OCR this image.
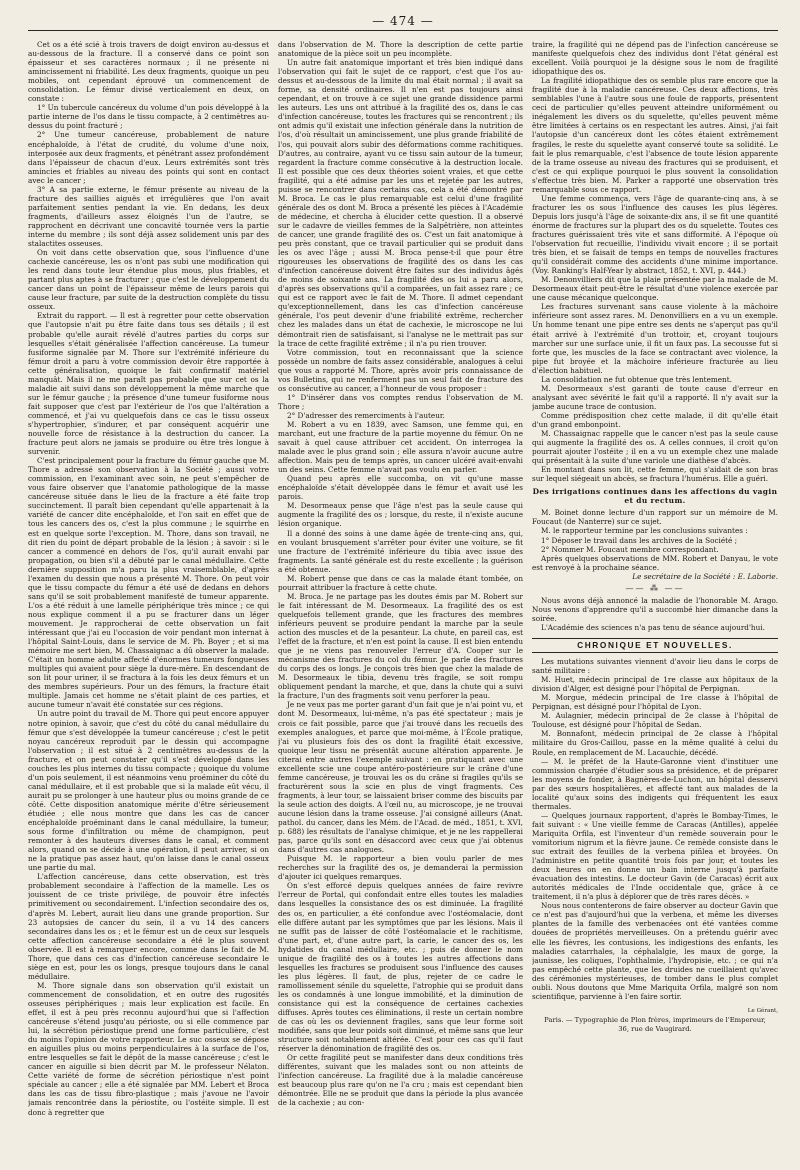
— 474 —

Cet os a été scié à trois travers de doigt environ au-dessus et au-dessous de la fracture. Il a conservé dans ce point son épaisseur et ses caractères normaux ; il ne présente ni amincissement ni friabilité. Les deux fragments, quoique un peu mobiles, ont cependant éprouvé un commencement de consolidation. Le fémur divisé verticalement en deux, on constate :

1° Un tubercule cancéreux du volume d'un pois développé à la partie interne de l'os dans le tissu compacte, à 2 centimètres au-dessus du point fracturé ;

2° Une tumeur cancéreuse, probablement de nature encéphaloïde, à l'état de crudité, du volume d'une noix, interposée aux deux fragments, et pénétrant assez profondément dans l'épaisseur de chacun d'eux. Leurs extrémités sont très amincies et friables au niveau des points qui sont en contact avec le cancer ;

3° A sa partie externe, le fémur présente au niveau de la fracture des saillies aiguës et irrégulières que l'on avait parfaitement senties pendant la vie. En dedans, les deux fragments, d'ailleurs assez éloignés l'un de l'autre, se rapprochent en décrivant une concavité tournée vers la partie interne du membre ; ils sont déjà assez solidement unis par des stalactites osseuses.

On voit dans cette observation que, sous l'influence d'une cachexie cancéreuse, les os n'ont pas subi une modification qui les rend dans toute leur étendue plus mous, plus friables, et partant plus aptes à se fracturer ; que c'est le développement du cancer dans un point de l'épaisseur même de leurs parois qui cause leur fracture, par suite de la destruction complète du tissu osseux.

Extrait du rapport. — Il est à regretter pour cette observation que l'autopsie n'ait pu être faite dans tous ses détails ; il est probable qu'elle aurait révélé d'autres parties du corps sur lesquelles s'était généralisée l'affection cancéreuse. La tumeur fusiforme signalée par M. Thore sur l'extrémité inférieure du fémur droit a paru à votre commission devoir être rapportée à cette généralisation, quoique le fait confirmatif matériel manquât. Mais il ne me paraît pas probable que sur cet os la maladie ait suivi dans son développement la même marche que sur le fémur gauche ; la présence d'une tumeur fusiforme nous fait supposer que c'est par l'extérieur de l'os que l'altération a commencé, et j'ai vu quelquefois dans ce cas le tissu osseux s'hypertrophier, s'indurer, et par conséquent acquérir une nouvelle force de résistance à la destruction du cancer. La fracture peut alors ne jamais se produire ou être très longue à survenir.

C'est principalement pour la fracture du fémur gauche que M. Thore a adressé son observation à la Société ; aussi votre commission, en l'examinant avec soin, ne peut s'empêcher de vous faire observer que l'anatomie pathologique de la masse cancéreuse située dans le lieu de la fracture a été faite trop succinctement. Il paraît bien cependant qu'elle appartenait à la variété de cancer dite encéphaloïde, et l'on sait en effet que de tous les cancers des os, c'est la plus commune ; le squirrhe en est en quelque sorte l'exception. M. Thore, dans son travail, ne dit rien du point de départ probable de la lésion ; à savoir : si le cancer a commencé en dehors de l'os, qu'il aurait envahi par propagation, ou bien s'il a débuté par le canal médullaire. Cette dernière supposition m'a paru la plus vraisemblable, d'après l'examen du dessin que nous a présenté M. Thore. On peut voir que le tissu compacte du fémur a été usé de dedans en dehors sans qu'il se soit probablement manifesté de tumeur apparente. L'os a été réduit à une lamelle périphérique très mince ; ce qui nous explique comment il a pu se fracturer dans un léger mouvement. Je rapprocherai de cette observation un fait intéressant que j'ai eu l'occasion de voir pendant mon internat à l'hôpital Saint-Louis, dans le service de M. Ph. Boyer ; et si ma mémoire me sert bien, M. Chassaignac a dû observer la malade. C'était un homme adulte affecté d'énormes tumeurs fongueuses multiples qui avaient pour siège la dure-mère. En descendant de son lit pour uriner, il se fractura à la fois les deux fémurs et un des membres supérieurs. Pour un des fémurs, la fracture était multiple. Jamais cet homme ne s'était plaint de ces parties, et aucune tumeur n'avait été constatée sur ces régions.

Un autre point du travail de M. Thore qui peut encore appuyer notre opinion, à savoir, que c'est du côté du canal médullaire du fémur que s'est développée la tumeur cancéreuse ; c'est le petit noyau cancéreux reproduit par le dessin qui accompagne l'observation ; il est situé à 2 centimètres au-dessus de la fracture, et on peut constater qu'il s'est développé dans les couches les plus internes du tissu compacte ; quoique du volume d'un pois seulement, il est néanmoins venu proéminer du côté du canal médullaire, et il est probable que si la malade eût vécu, il aurait pu se prolonger à une hauteur plus ou moins grande de ce côté. Cette disposition anatomique mérite d'être sérieusement étudiée ; elle nous montre que dans les cas de cancer encéphaloïde proéminant dans le canal médullaire, la tumeur, sous forme d'infiltration ou même de champignon, peut remonter à des hauteurs diverses dans le canal, et comment alors, quand on se décide à une opération, il peut arriver, si on ne la pratique pas assez haut, qu'on laisse dans le canal osseux une partie du mal.

L'affection cancéreuse, dans cette observation, est très probablement secondaire à l'affection de la mamelle. Les os jouissent de ce triste privilège, de pouvoir être infectés primitivement ou secondairement. L'infection secondaire des os, d'après M. Lebert, aurait lieu dans une grande proportion. Sur 23 autopsies de cancer du sein, il a vu 14 des cancers secondaires dans les os ; et le fémur est un de ceux sur lesquels cette affection cancéreuse secondaire a été le plus souvent observée. Il est à remarquer encore, comme dans le fait de M. Thore, que dans ces cas d'infection cancéreuse secondaire le siège en est, pour les os longs, presque toujours dans le canal médullaire.

M. Thore signale dans son observation qu'il existait un commencement de consolidation, et en outre des rugosités osseuses périphériques ; mais leur explication est facile. En effet, il est à peu près reconnu aujourd'hui que si l'affection cancéreuse s'étend jusqu'au périoste, ou si elle commence par lui, la sécrétion périostique prend une forme particulière, c'est du moins l'opinion de votre rapporteur. Le suc osseux se dépose en aiguilles plus ou moins perpendiculaires à la surface de l'os, entre lesquelles se fait le dépôt de la masse cancéreuse ; c'est le cancer en aiguille si bien décrit par M. le professeur Nélaton. Cette variété de forme de sécrétion périostique n'est point spéciale au cancer ; elle a été signalée par MM. Lebert et Broca dans les cas de tissu fibro-plastique ; mais j'avoue ne l'avoir jamais rencontrée dans la périostite, ou l'ostéite simple. Il est donc à regretter que

dans l'observation de M. Thore la description de cette partie anatomique de la pièce soit un peu incomplète.

Un autre fait anatomique important et très bien indiqué dans l'observation qui fait le sujet de ce rapport, c'est que l'os au-dessus et au-dessous de la limite du mal était normal ; il avait sa forme, sa densité ordinaires. Il n'en est pas toujours ainsi cependant, et on trouve à ce sujet une grande dissidence parmi les auteurs. Les uns ont attribué à la fragilité des os, dans le cas d'infection cancéreuse, toutes les fractures qui se rencontrent ; ils ont admis qu'il existait une infection générale dans la nutrition de l'os, d'où résultait un amincissement, une plus grande friabilité de l'os, qui pouvait alors subir des déformations comme rachitiques. D'autres, au contraire, ayant vu ce tissu sain autour de la tumeur, regardent la fracture comme consécutive à la destruction locale. Il est possible que ces deux théories soient vraies, et que cette fragilité, qui a été admise par les uns et rejetée par les autres, puisse se rencontrer dans certains cas, cela a été démontré par M. Broca. Le cas le plus remarquable est celui d'une fragilité générale des os dont M. Broca a présenté les pièces à l'Académie de médecine, et chercha à élucider cette question. Il a observé sur le cadavre de vieilles femmes de la Salpêtrière, non atteintes de cancer, une grande fragilité des os. C'est un fait anatomique à peu près constant, que ce travail particulier qui se produit dans les os avec l'âge ; aussi M. Broca pense-t-il que pour être rigoureuses les observations de fragilité des os dans les cas d'infection cancéreuse doivent être faites sur des individus âgés de moins de soixante ans. La fragilité des os lui a paru alors, d'après ses observations qu'il a comparées, un fait assez rare ; ce qui est ce rapport avec le fait de M. Thore. Il admet cependant qu'exceptionnellement, dans les cas d'infection cancéreuse générale, l'os peut devenir d'une friabilité extrême, rechercher chez les malades dans un état de cachexie, le microscope ne lui démontrait rien de satisfaisant, si l'analyse ne le mettrait pas sur la trace de cette fragilité extrême ; il n'a pu rien trouver.

Votre commission, tout en reconnaissant que la science possède un nombre de faits assez considérable, analogues à celui que vous a rapporté M. Thore, après avoir pris connaissance de vos Bulletins, qui ne renferment pas un seul fait de fracture des os consécutive au cancer, a l'honneur de vous proposer :

1° D'insérer dans vos comptes rendus l'observation de M. Thore ;

2° D'adresser des remerciments à l'auteur.

M. Robert a vu en 1839, avec Samson, une femme qui, en marchant, eut une fracture de la partie moyenne du fémur. On ne savait à quel cause attribuer cet accident. On interrogea la malade avec le plus grand soin ; elle assura n'avoir aucune autre affection. Mais peu de temps après, un cancer ulcéré avait-envahi un des seins. Cette femme n'avait pas voulu en parler.

Quand peu après elle succomba, on vit qu'une masse encéphaloïde s'était développée dans le fémur et avait usé les parois.

M. Desormeaux pense que l'âge n'est pas la seule cause qui augmente la fragilité des os ; lorsque, du reste, il n'existe aucune lésion organique.

Il a donné des soins à une dame âgée de trente-cinq ans, qui, en voulant brusquement s'arrêter pour éviter une voiture, se fit une fracture de l'extrémité inférieure du tibia avec issue des fragments. La santé générale est du reste excellente ; la guérison a été obtenue.

M. Robert pense que dans ce cas la malade étant tombée, on pourrait attribuer la fracture à cette chute.

M. Broca. Je ne partage pas les doutes émis par M. Robert sur le fait intéressant de M. Desormeaux. La fragilité des os est quelquefois tellement grande, que les fractures des membres inférieurs peuvent se produire pendant la marche par la seule action des muscles et de la pesanteur. La chute, en pareil cas, est l'effet de la fracture, et n'en est point la cause. Il est bien entendu que je ne viens pas renouveler l'erreur d'A. Cooper sur le mécanisme des fractures du col du fémur. Je parle des fractures du corps des os longs. Je conçois très bien que chez la malade de M. Desormeaux le tibia, devenu très fragile, se soit rompu obliquement pendant la marche, et que, dans la chute qui a suivi la fracture, l'un des fragments soit venu perforer la peau.

Je ne veux pas me porter garant d'un fait que je n'ai point vu, et dont M. Desormeaux, lui-même, n'a pas été spectateur ; mais je crois ce fait possible, parce que j'ai trouvé dans les recueils des exemples analogues, et parce que moi-même, à l'École pratique, j'ai vu plusieurs fois des os dont la fragilité était excessive, quoique leur tissu ne présentât aucune altération apparente. Je citerai entre autres l'exemple suivant : en pratiquant avec une excellente scie une coupe antéro-postérieure sur le crâne d'une femme cancéreuse, je trouvai les os du crâne si fragiles qu'ils se fracturèrent sous la scie en plus de vingt fragments. Ces fragments, à leur tour, se laissaient briser comme des biscuits par la seule action des doigts. A l'œil nu, au microscope, je ne trouvai aucune lésion dans la trame osseuse. J'ai consigné ailleurs (Anat. pathol. du cancer, dans les Mém. de l'Acad. de méd., 1851, t. XVI, p. 688) les résultats de l'analyse chimique, et je ne les rappellerai pas, parce qu'ils sont en désaccord avec ceux que j'ai obtenus dans d'autres cas analogues.

Puisque M. le rapporteur a bien voulu parler de mes recherches sur la fragilité des os, je demanderai la permission d'ajouter ici quelques remarques.

On s'est efforcé depuis quelques années de faire revivre l'erreur de Portal, qui confondait entre elles toutes les maladies dans lesquelles la consistance des os est diminuée. La fragilité des os, en particulier, a été confondue avec l'ostéomalacie, dont elle diffère autant par les symptômes que par les lésions. Mais il ne suffit pas de laisser de côté l'ostéomalacie et le rachitisme, d'une part, et, d'une autre part, la carie, le cancer des os, les hydatides du canal médullaire, etc. ; puis de donner le nom unique de fragilité des os à toutes les autres affections dans lesquelles les fractures se produisent sous l'influence des causes les plus légères. Il faut, de plus, rejeter de ce cadre le ramollissement sénile du squelette, l'atrophie qui se produit dans les os condamnés à une longue immobilité, et la diminution de consistance qui est la conséquence de certaines cachexies diffuses. Après toutes ces éliminations, il reste un certain nombre de cas où les os deviennent fragiles, sans que leur forme soit modifiée, sans que leur poids soit diminué, et même sans que leur structure soit notablement altérée. C'est pour ces cas qu'il faut réserver la dénomination de fragilité des os.

Or cette fragilité peut se manifester dans deux conditions très différentes, suivant que les malades sont ou non atteints de l'infection cancéreuse. La fragilité due à la maladie cancéreuse est beaucoup plus rare qu'on ne l'a cru ; mais est cependant bien démontrée. Elle ne se produit que dans la période la plus avancée de la cachexie ; au con-

traire, la fragilité qui ne dépend pas de l'infection cancéreuse se manifeste quelquefois chez des individus dont l'état général est excellent. Voilà pourquoi je la désigne sous le nom de fragilité idiopathique des os.

La fragilité idiopathique des os semble plus rare encore que la fragilité due à la maladie cancéreuse. Ces deux affections, très semblables l'une à l'autre sous une foule de rapports, présentent ceci de particulier qu'elles peuvent atteindre uniformément ou inégalement les divers os du squelette, qu'elles peuvent même être limitées à certains os en respectant les autres. Ainsi, j'ai fait l'autopsie d'un cancéreux dont les côtes étaient extrêmement fragiles, le reste du squelette ayant conservé toute sa solidité. Le fait le plus remarquable, c'est l'absence de toute lésion apparente de la trame osseuse au niveau des fractures qui se produisent, et c'est ce qui explique pourquoi le plus souvent la consolidation s'effectue très bien. M. Parker a rapporté une observation très remarquable sous ce rapport.

Une femme commença, vers l'âge de quarante-cinq ans, à se fracturer les os sous l'influence des causes les plus légères. Depuis lors jusqu'à l'âge de soixante-dix ans, il se fit une quantité énorme de fractures sur la plupart des os du squelette. Toutes ces fractures guérissaient très vite et sans difformité. A l'époque où l'observation fut recueillie, l'individu vivait encore ; il se portait très bien, et se faisait de temps en temps de nouvelles fractures qu'il considérait comme des accidents d'une minime importance. (Voy. Ranking's Half-Year ly abstract, 1852, t. XVI, p. 444.)

M. Denonvilliers dit que la plaie présentée par la malade de M. Desormeaux était peut-être le résultat d'une violence exercée par une cause mécanique quelconque.

Les fractures survenant sans cause violente à la mâchoire inférieure sont assez rares. M. Denonvilliers en a vu un exemple. Un homme tenant une pipe entre ses dents ne s'aperçut pas qu'il était arrivé à l'extrémité d'un trottoir, et, croyant toujours marcher sur une surface unie, il fit un faux pas. La secousse fut si forte que, les muscles de la face se contractant avec violence, la pipe fut broyée et la mâchoire inférieure fracturée au lieu d'élection habituel.

La consolidation ne fut obtenue que très lentement.

M. Desormeaux s'est garanti de toute cause d'erreur en analysant avec sévérité le fait qu'il a rapporté. Il n'y avait sur la jambe aucune trace de contusion.

Comme prédisposition chez cette malade, il dit qu'elle était d'un grand embonpoint.

M. Chassaignac rappelle que le cancer n'est pas la seule cause qui augmente la fragilité des os. A celles connues, il croit qu'on pourrait ajouter l'ostéite ; il en a vu un exemple chez une malade qui présentait à la suite d'une variole une diathèse d'abcès.

En montant dans son lit, cette femme, qui s'aidait de son bras sur lequel siégeait un abcès, se fractura l'humérus. Elle a guéri.

Des irrigations continues dans les affections du vagin et du rectum.

M. Boinet donne lecture d'un rapport sur un mémoire de M. Foucaut (de Nanterre) sur ce sujet.

M. le rapporteur termine par les conclusions suivantes :

1° Déposer le travail dans les archives de la Société ;

2° Nommer M. Foucaut membre correspondant.

Après quelques observations de MM. Robert et Danyau, le vote est renvoyé à la prochaine séance.

Le secrétaire de la Société : E. Laborie.

—— ⁂ ——

Nous avons déjà annoncé la maladie de l'honorable M. Arago. Nous venons d'apprendre qu'il a succombé hier dimanche dans la soirée.

L'Académie des sciences n'a pas tenu de séance aujourd'hui.

CHRONIQUE ET NOUVELLES.

Les mutations suivantes viennent d'avoir lieu dans le corps de santé militaire :

M. Huet, médecin principal de 1re classe aux hôpitaux de la division d'Alger, est désigné pour l'hôpital de Perpignan.

M. Morgue, médecin principal de 1re classe à l'hôpital de Perpignan, est désigné pour l'hôpital de Lyon.

M. Aulagnier, médecin principal de 2e classe à l'hôpital de Toulouse, est désigné pour l'hôpital de Sedan.

M. Bonnafont, médecin principal de 2e classe à l'hôpital militaire du Gros-Caillou, passe en la même qualité à celui du Roule, en remplacement de M. Lacauchie, décédé.

— M. le préfet de la Haute-Garonne vient d'instituer une commission chargée d'étudier sous sa présidence, et de préparer les moyens de fonder, à Bagnères-de-Luchon, un hôpital desservi par des sœurs hospitalières, et affecté tant aux malades de la localité qu'aux soins des indigents qui fréquentent les eaux thermales.

— Quelques journaux rapportent, d'après le Bombay-Times, le fait suivant : « Une vieille femme de Caracas (Antilles), appelée Mariquita Orfila, est l'inventeur d'un remède souverain pour le vomitorium nigrum et la fièvre jaune. Ce remède consiste dans le suc extrait des feuilles de la verbena piñlea et broyées. On l'administre en petite quantité trois fois par jour, et toutes les deux heures on en donne un bain interne jusqu'à parfaite évacuation des intestins. Le docteur Gavin (de Caracas) écrit aux autorités médicales de l'Inde occidentale que, grâce à ce traitement, il n'a plus à déplorer que de très rares décès. »

Nous nous contenterons de faire observer au docteur Gavin que ce n'est pas d'aujourd'hui que la verbena, et même les diverses plantes de la famille des verbenacées ont été vantées comme douées de propriétés merveilleuses. On a prétendu guérir avec elle les fièvres, les contusions, les indigestions des enfants, les maladies catarrhales, la céphalalgie, les maux de gorge, la jaunisse, les coliques, l'ophthalmie, l'hydropisie, etc. ; ce qui n'a pas empêché cette plante, que les druides ne cueillaient qu'avec des cérémonies mystérieuses, de tomber dans le plus complet oubli. Nous doutons que Mme Mariquita Orfila, malgré son nom scientifique, parvienne à l'en faire sortir.

Le Gérant,
Paris. — Typographie de Plon frères, imprimeurs de l'Empereur,
36, rue de Vaugirard.
